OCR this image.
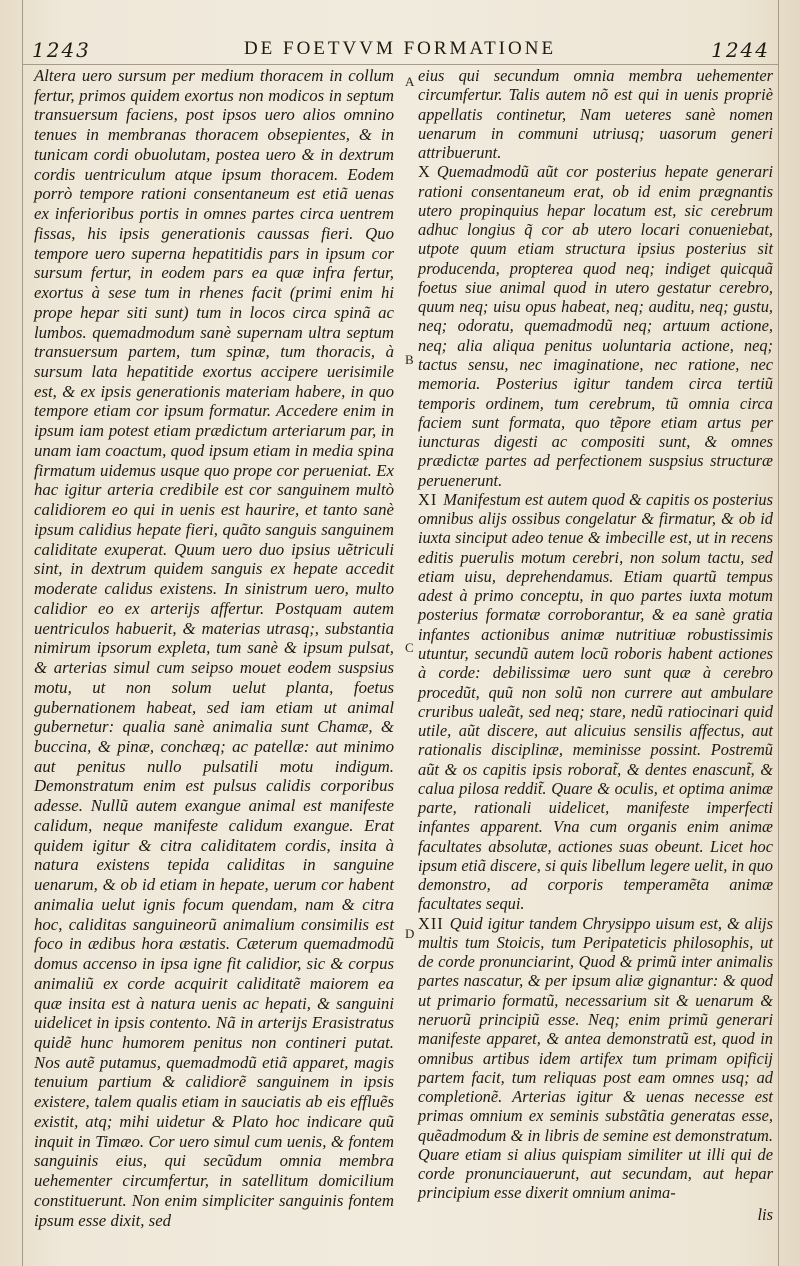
1243	DE FOETVVM FORMATIONE	1244

Altera uero sursum per medium thoracem in collum fertur, primos quidem exortus non modicos in septum transuersum faciens, post ipsos uero alios omnino tenues in membranas thoracem obsepientes, & in tunicam cordi obuolutam, postea uero & in dextrum cordis uentriculum atque ipsum thoracem. Eodem porrò tempore rationi consentaneum est etiã uenas ex inferioribus portis in omnes partes circa uentrem fissas, his ipsis generationis caussas fieri. Quo tempore uero superna hepatitidis pars in ipsum cor sursum fertur, in eodem pars ea quæ infra fertur, exortus à sese tum in rhenes facit (primi enim hi prope hepar siti sunt) tum in locos circa spinã ac lumbos. quemadmodum sanè supernam ultra septum transuersum partem, tum spinæ, tum thoracis, à sursum lata hepatitide exortus accipere uerisimile est, & ex ipsis generationis materiam habere, in quo tempore etiam cor ipsum formatur. Accedere enim in ipsum iam potest etiam prædictum arteriarum par, in unam iam coactum, quod ipsum etiam in media spina firmatum uidemus usque quo prope cor perueniat. Ex hac igitur arteria credibile est cor sanguinem multò calidiorem eo qui in uenis est haurire, et tanto sanè ipsum calidius hepate fieri, quãto sanguis sanguinem caliditate exuperat. Quum uero duo ipsius uẽtriculi sint, in dextrum quidem sanguis ex hepate accedit moderate calidus existens. In sinistrum uero, multo calidior eo ex arterijs affertur. Postquam autem uentriculos habuerit, & materias utrasq;, substantia nimirum ipsorum expleta, tum sanè & ipsum pulsat, & arterias simul cum seipso mouet eodem suspsius motu, ut non solum uelut planta, foetus gubernationem habeat, sed iam etiam ut animal gubernetur: qualia sanè animalia sunt Chamæ, & buccina, & pinæ, conchæq; ac patellæ: aut minimo aut penitus nullo pulsatili motu indigum. Demonstratum enim est pulsus calidis corporibus adesse. Nullũ autem exangue animal est manifeste calidum, neque manifeste calidum exangue. Erat quidem igitur & citra caliditatem cordis, insita à natura existens tepida caliditas in sanguine uenarum, & ob id etiam in hepate, uerum cor habent animalia uelut ignis focum quendam, nam & citra hoc, caliditas sanguineorũ animalium consimilis est foco in ædibus hora æstatis. Cæterum quemadmodũ domus accenso in ipsa igne fit calidior, sic & corpus animaliũ ex corde acquirit caliditatẽ maiorem ea quæ insita est à natura uenis ac hepati, & sanguini uidelicet in ipsis contento. Nã in arterijs Erasistratus quidẽ hunc humorem penitus non contineri putat. Nos autẽ putamus, quemadmodũ etiã apparet, magis tenuium partium & calidiorẽ sanguinem in ipsis existere, talem qualis etiam in sauciatis ab eis effluẽs existit, atq; mihi uidetur & Plato hoc indicare quũ inquit in Timæo. Cor uero simul cum uenis, & fontem sanguinis eius, qui secũdum omnia membra uehementer circumfertur, in satellitum domicilium constituerunt. Non enim simpliciter sanguinis fontem ipsum esse dixit, sed

A
B
C
D

eius qui secundum omnia membra uehementer circumfertur. Talis autem nõ est qui in uenis propriè appellatis continetur, Nam ueteres sanè nomen uenarum in communi utriusq; uasorum generi attribuerunt.

X Quemadmodũ aũt cor posterius hepate generari rationi consentaneum erat, ob id enim prægnantis utero propinquius hepar locatum est, sic cerebrum adhuc longius q̃ cor ab utero locari conueniebat, utpote quum etiam structura ipsius posterius sit producenda, propterea quod neq; indiget quicquã foetus siue animal quod in utero gestatur cerebro, quum neq; uisu opus habeat, neq; auditu, neq; gustu, neq; odoratu, quemadmodũ neq; artuum actione, neq; alia aliqua penitus uoluntaria actione, neq; tactus sensu, nec imaginatione, nec ratione, nec memoria. Posterius igitur tandem circa tertiũ temporis ordinem, tum cerebrum, tũ omnia circa faciem sunt formata, quo tẽpore etiam artus per iuncturas digesti ac compositi sunt, & omnes prædictæ partes ad perfectionem suspsius structuræ peruenerunt.

XI Manifestum est autem quod & capitis os posterius omnibus alijs ossibus congelatur & firmatur, & ob id iuxta sinciput adeo tenue & imbecille est, ut in recens editis puerulis motum cerebri, non solum tactu, sed etiam uisu, deprehendamus. Etiam quartũ tempus adest à primo conceptu, in quo partes iuxta motum posterius formatæ corroborantur, & ea sanè gratia infantes actionibus animæ nutritiuæ robustissimis utuntur, secundũ autem locũ roboris habent actiones à corde: debilissimæ uero sunt quæ à cerebro procedũt, quũ non solũ non currere aut ambulare cruribus ualeãt, sed neq; stare, nedũ ratiocinari quid utile, aũt discere, aut alicuius sensilis affectus, aut rationalis disciplinæ, meminisse possint. Postremũ aũt & os capitis ipsis roborat̃, & dentes enascunt̃, & calua pilosa reddit̃. Quare & oculis, et optima animæ parte, rationali uidelicet, manifeste imperfecti infantes apparent. Vna cum organis enim animæ facultates absolutæ, actiones suas obeunt. Licet hoc ipsum etiã discere, si quis libellum legere uelit, in quo demonstro, ad corporis temperamẽta animæ facultates sequi.

XII Quid igitur tandem Chrysippo uisum est, & alijs multis tum Stoicis, tum Peripateticis philosophis, ut de corde pronunciarint, Quod & primũ inter animalis partes nascatur, & per ipsum aliæ gignantur: & quod ut primario formatũ, necessarium sit & uenarum & neruorũ principiũ esse. Neq; enim primũ generari manifeste apparet, & antea demonstratũ est, quod in omnibus artibus idem artifex tum primam opificij partem facit, tum reliquas post eam omnes usq; ad completionẽ. Arterias igitur & uenas necesse est primas omnium ex seminis substãtia generatas esse, quẽadmodum & in libris de semine est demonstratum. Quare etiam si alius quispiam similiter ut illi qui de corde pronunciauerunt, aut secundam, aut hepar principium esse dixerit omnium anima-

lis
